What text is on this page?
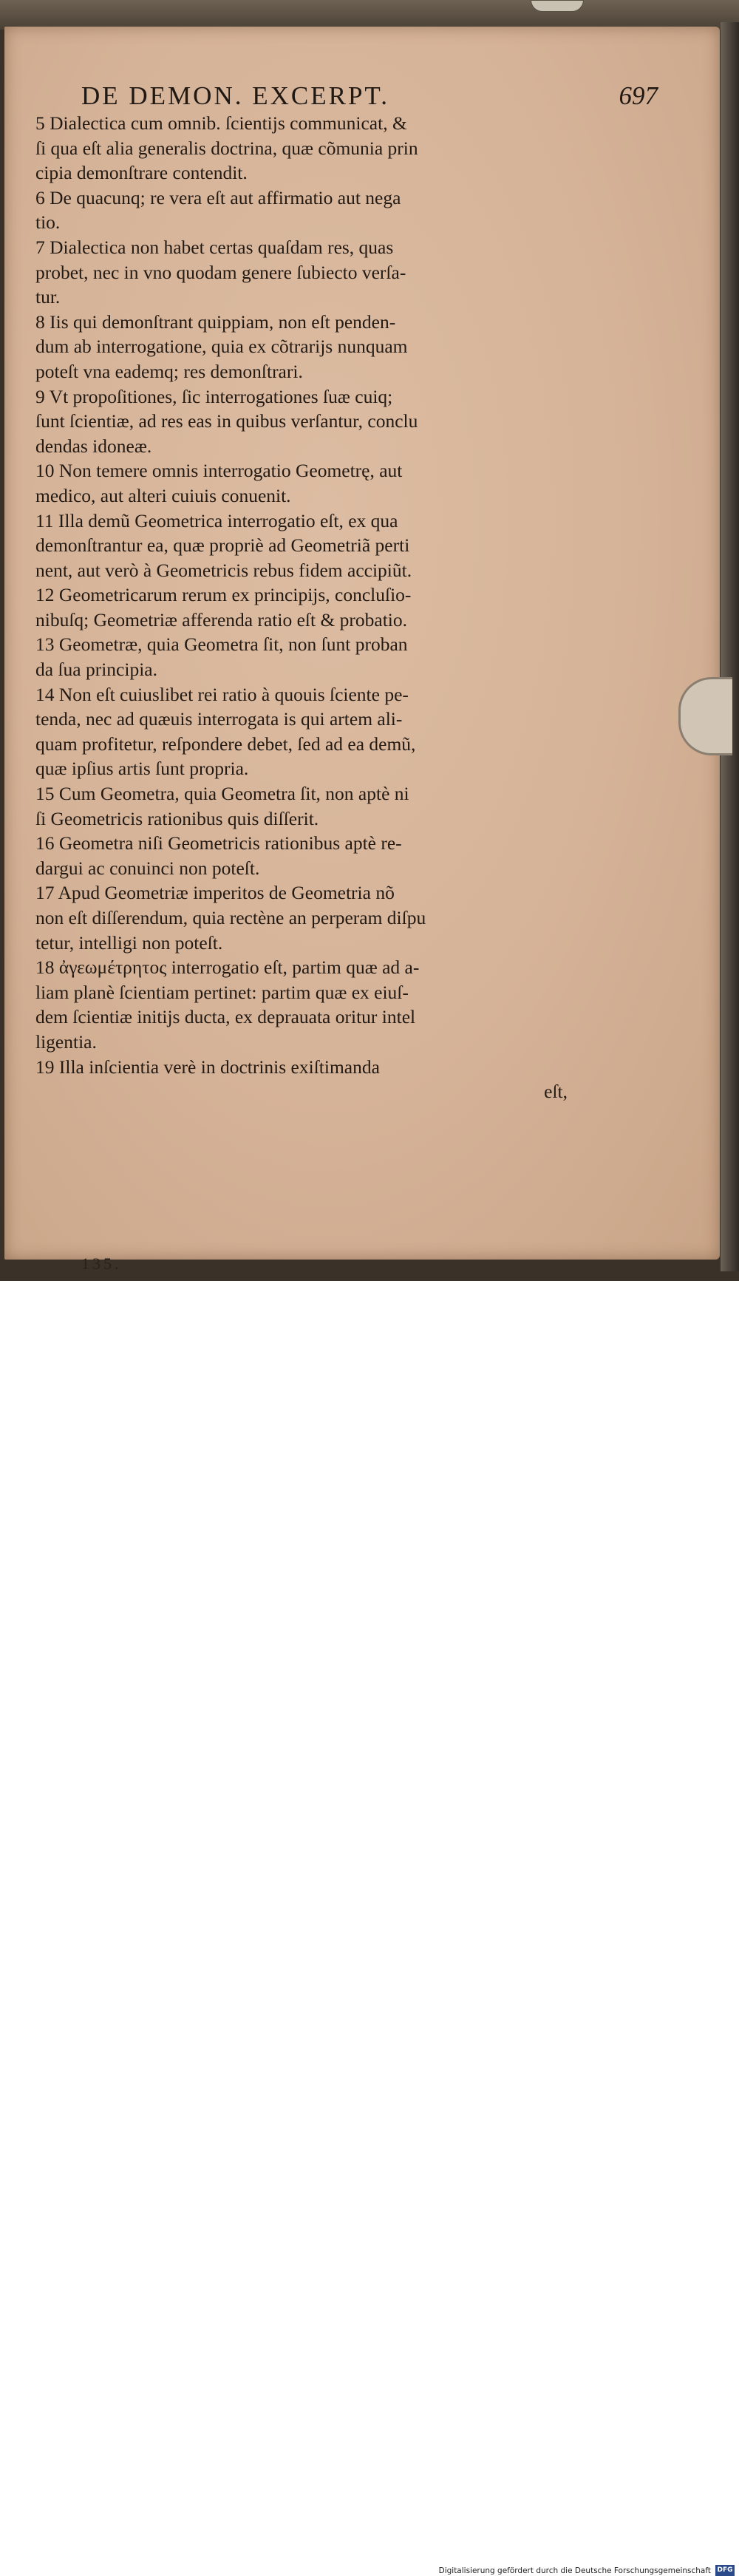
DE DEMON. EXCERPT.	697
5 Dialectica cum omnib. ſcientijs communicat, &
ſi qua eſt alia generalis doctrina, quæ cõmunia prin
cipia demonſtrare contendit.
6 De quacunq; re vera eſt aut affirmatio aut nega
tio.
7 Dialectica non habet certas quaſdam res, quas
probet, nec in vno quodam genere ſubiecto verſa-
tur.
8 Iis qui demonſtrant quippiam, non eſt penden-
dum ab interrogatione, quia ex cõtrarijs nunquam
poteſt vna eademq; res demonſtrari.
9 Vt propoſitiones, ſic interrogationes ſuæ cuiq;
ſunt ſcientiæ, ad res eas in quibus verſantur, conclu
dendas idoneæ.
10 Non temere omnis interrogatio Geometrę, aut
medico, aut alteri cuiuis conuenit.
11 Illa demũ Geometrica interrogatio eſt, ex qua
demonſtrantur ea, quæ propriè ad Geometriã perti
nent, aut verò à Geometricis rebus fidem accipiũt.
12 Geometricarum rerum ex principijs, concluſio-
nibuſq; Geometriæ afferenda ratio eſt & probatio.
13 Geometræ, quia Geometra ſit, non ſunt proban
da ſua principia.
14 Non eſt cuiuslibet rei ratio à quouis ſciente pe-
tenda, nec ad quæuis interrogata is qui artem ali-
quam profitetur, reſpondere debet, ſed ad ea demũ,
quæ ipſius artis ſunt propria.
15 Cum Geometra, quia Geometra ſit, non aptè ni
ſi Geometricis rationibus quis diſſerit.
16 Geometra niſi Geometricis rationibus aptè re-
dargui ac conuinci non poteſt.
17 Apud Geometriæ imperitos de Geometria nõ
non eſt diſſerendum, quia rectène an perperam diſpu
tetur, intelligi non poteſt.
18 ἀγεωμέτρητος interrogatio eſt, partim quæ ad a-
liam planè ſcientiam pertinet: partim quæ ex eiuſ-
dem ſcientiæ initijs ducta, ex deprauata oritur intel
ligentia.
19 Illa inſcientia verè in doctrinis exiſtimanda
eſt,
135.
Digitalisierung gefördert durch die Deutsche Forschungsgemeinschaft DFG
